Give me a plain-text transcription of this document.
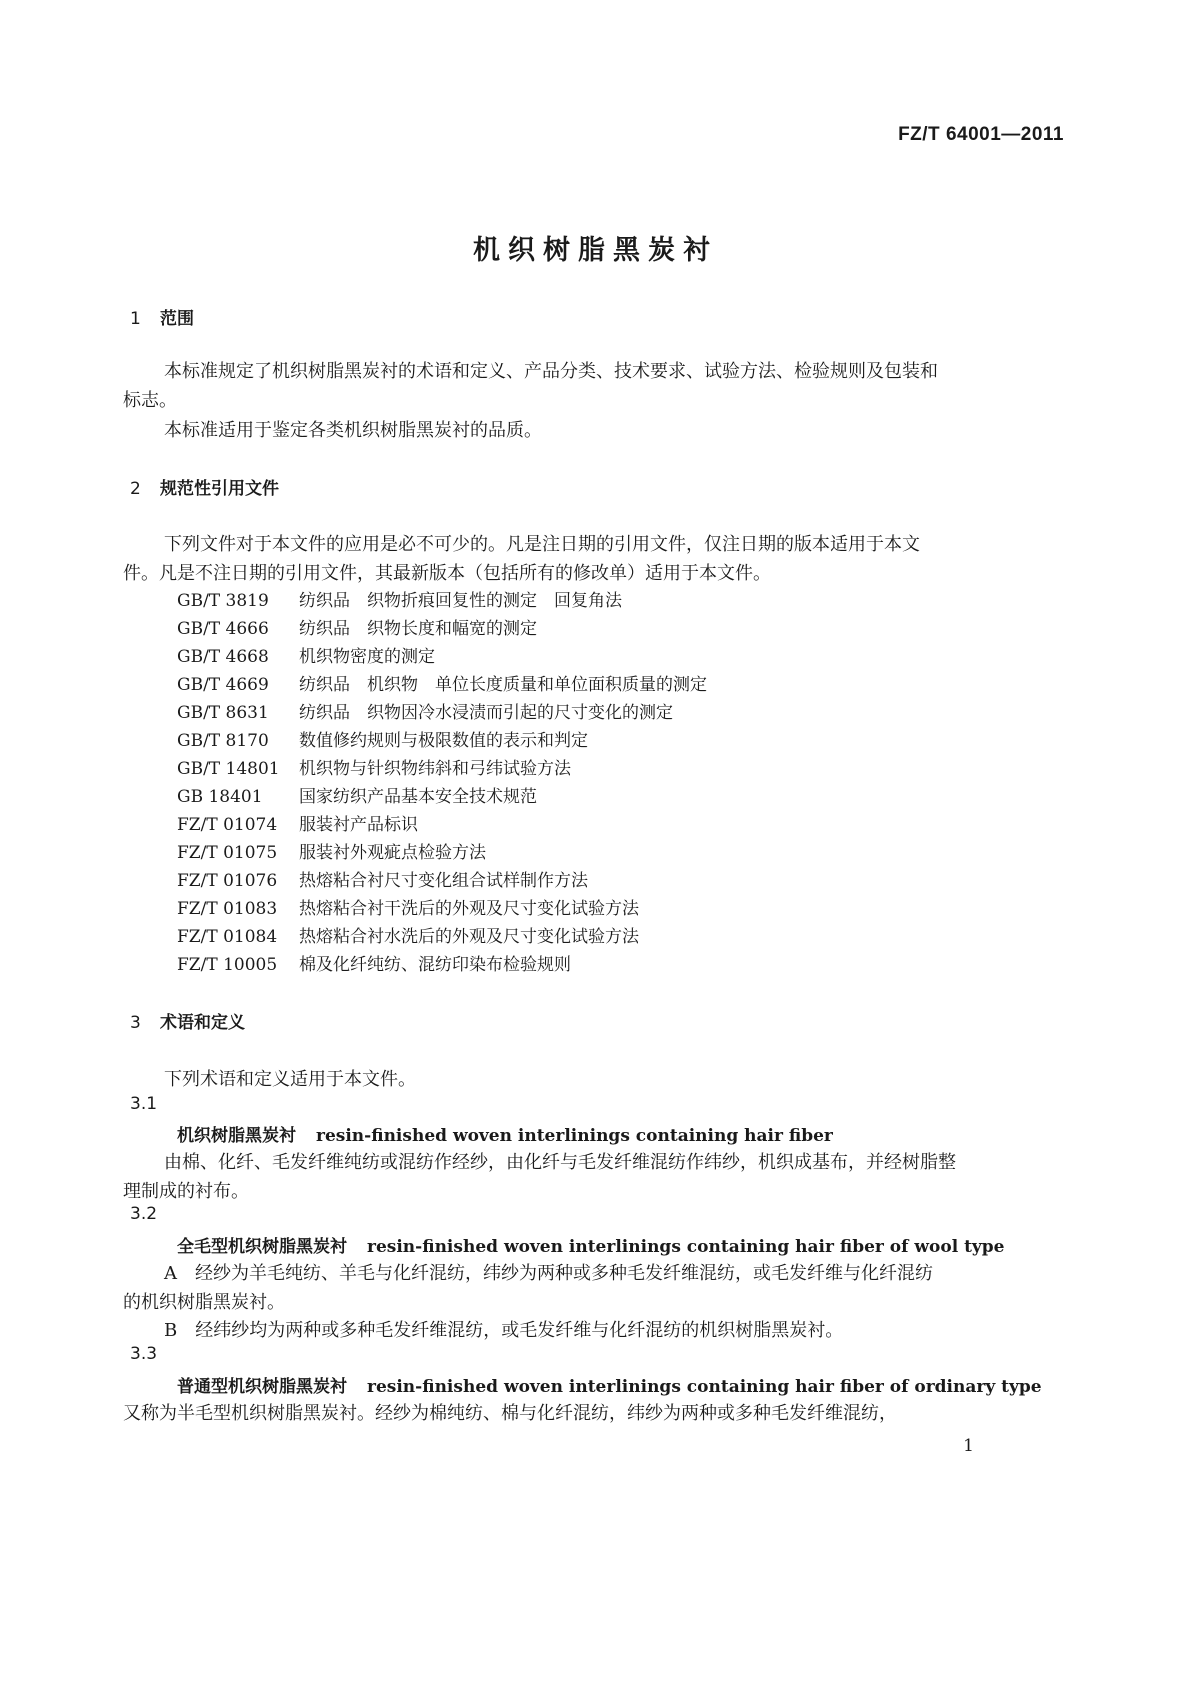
FZ/T 64001—2011
机织树脂黑炭衬
1 范围
本标准规定了机织树脂黑炭衬的术语和定义、产品分类、技术要求、试验方法、检验规则及包装和
标志。
本标准适用于鉴定各类机织树脂黑炭衬的品质。
2 规范性引用文件
下列文件对于本文件的应用是必不可少的。凡是注日期的引用文件，仅注日期的版本适用于本文
件。凡是不注日期的引用文件，其最新版本（包括所有的修改单）适用于本文件。
GB/T 3819 纺织品　织物折痕回复性的测定　回复角法
GB/T 4666 纺织品　织物长度和幅宽的测定
GB/T 4668 机织物密度的测定
GB/T 4669 纺织品　机织物　单位长度质量和单位面积质量的测定
GB/T 8631 纺织品　织物因冷水浸渍而引起的尺寸变化的测定
GB/T 8170 数值修约规则与极限数值的表示和判定
GB/T 14801 机织物与针织物纬斜和弓纬试验方法
GB 18401 国家纺织产品基本安全技术规范
FZ/T 01074 服装衬产品标识
FZ/T 01075 服装衬外观疵点检验方法
FZ/T 01076 热熔粘合衬尺寸变化组合试样制作方法
FZ/T 01083 热熔粘合衬干洗后的外观及尺寸变化试验方法
FZ/T 01084 热熔粘合衬水洗后的外观及尺寸变化试验方法
FZ/T 10005 棉及化纤纯纺、混纺印染布检验规则
3 术语和定义
下列术语和定义适用于本文件。
3.1
机织树脂黑炭衬 resin-finished woven interlinings containing hair fiber
由棉、化纤、毛发纤维纯纺或混纺作经纱，由化纤与毛发纤维混纺作纬纱，机织成基布，并经树脂整
理制成的衬布。
3.2
全毛型机织树脂黑炭衬 resin-finished woven interlinings containing hair fiber of wool type
A　经纱为羊毛纯纺、羊毛与化纤混纺，纬纱为两种或多种毛发纤维混纺，或毛发纤维与化纤混纺
的机织树脂黑炭衬。
B　经纬纱均为两种或多种毛发纤维混纺，或毛发纤维与化纤混纺的机织树脂黑炭衬。
3.3
普通型机织树脂黑炭衬 resin-finished woven interlinings containing hair fiber of ordinary type
又称为半毛型机织树脂黑炭衬。经纱为棉纯纺、棉与化纤混纺，纬纱为两种或多种毛发纤维混纺，
1
